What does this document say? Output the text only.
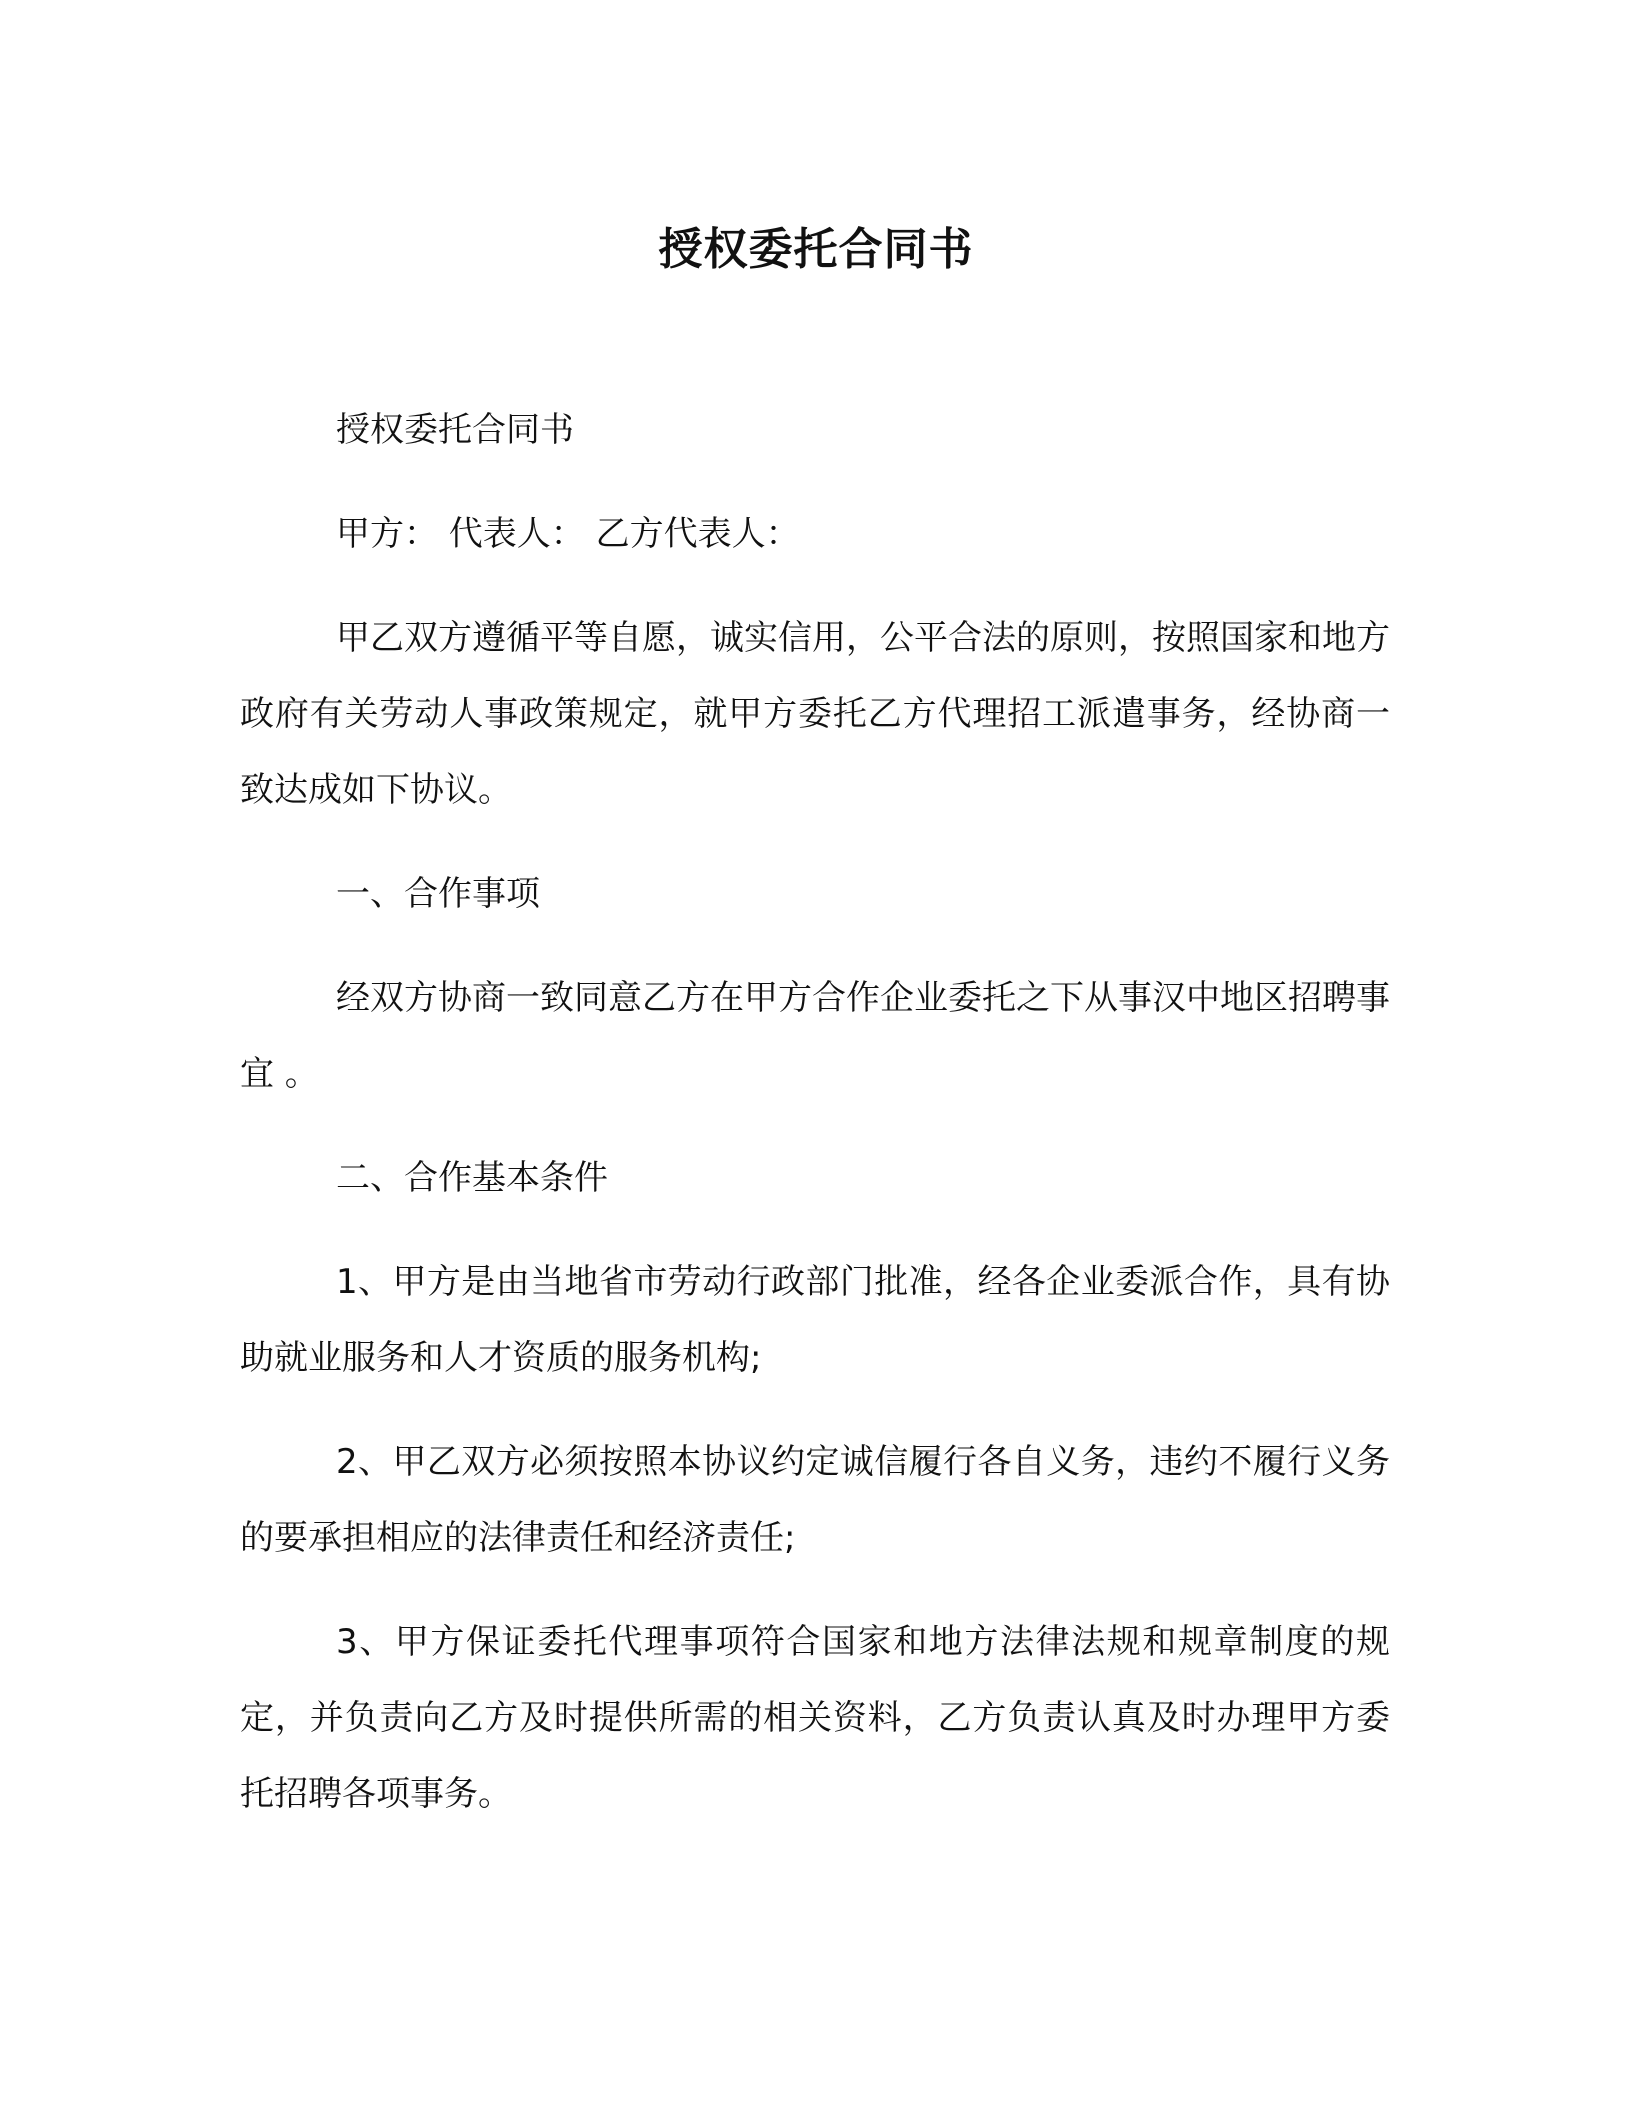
授权委托合同书

授权委托合同书

甲方： 代表人： 乙方代表人：

甲乙双方遵循平等自愿，诚实信用，公平合法的原则，按照国家和地方政府有关劳动人事政策规定，就甲方委托乙方代理招工派遣事务，经协商一致达成如下协议。

一、合作事项

经双方协商一致同意乙方在甲方合作企业委托之下从事汉中地区招聘事宜 。

二、合作基本条件

1、甲方是由当地省市劳动行政部门批准，经各企业委派合作，具有协助就业服务和人才资质的服务机构;

2、甲乙双方必须按照本协议约定诚信履行各自义务，违约不履行义务的要承担相应的法律责任和经济责任;

3、甲方保证委托代理事项符合国家和地方法律法规和规章制度的规定，并负责向乙方及时提供所需的相关资料，乙方负责认真及时办理甲方委托招聘各项事务。
